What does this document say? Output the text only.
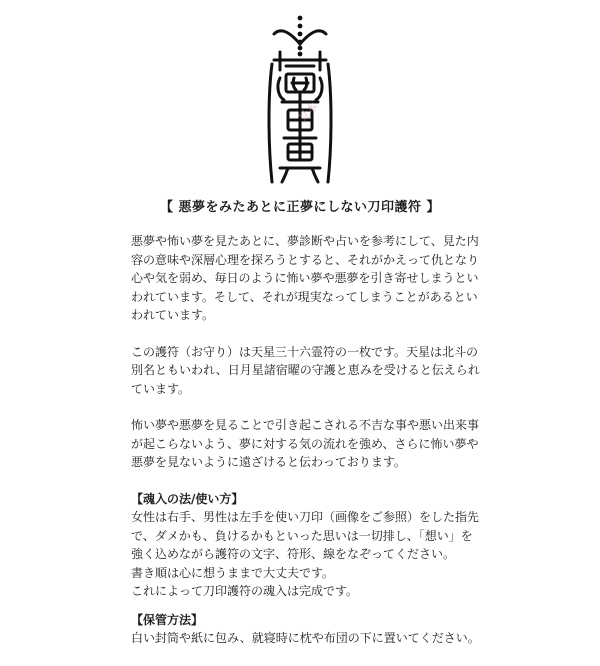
見本
【 悪夢をみたあとに正夢にしない刀印護符 】
悪夢や怖い夢を見たあとに、夢診断や占いを参考にして、見た内
容の意味や深層心理を探ろうとすると、それがかえって仇となり
心や気を弱め、毎日のように怖い夢や悪夢を引き寄せしまうとい
われています。そして、それが現実なってしまうことがあるとい
われています。
この護符（お守り）は天星三十六霊符の一枚です。天星は北斗の
別名ともいわれ、日月星諸宿曜の守護と恵みを受けると伝えられ
ています。
怖い夢や悪夢を見ることで引き起こされる不吉な事や悪い出来事
が起こらないよう、夢に対する気の流れを強め、さらに怖い夢や
悪夢を見ないように遠ざけると伝わっております。
【魂入の法/使い方】
女性は右手、男性は左手を使い刀印（画像をご参照）をした指先
で、ダメかも、負けるかもといった思いは一切排し、「想い」を
強く込めながら護符の文字、符形、線をなぞってください。
書き順は心に想うままで大丈夫です。
これによって刀印護符の魂入は完成です。
【保管方法】
白い封筒や紙に包み、就寝時に枕や布団の下に置いてください。
